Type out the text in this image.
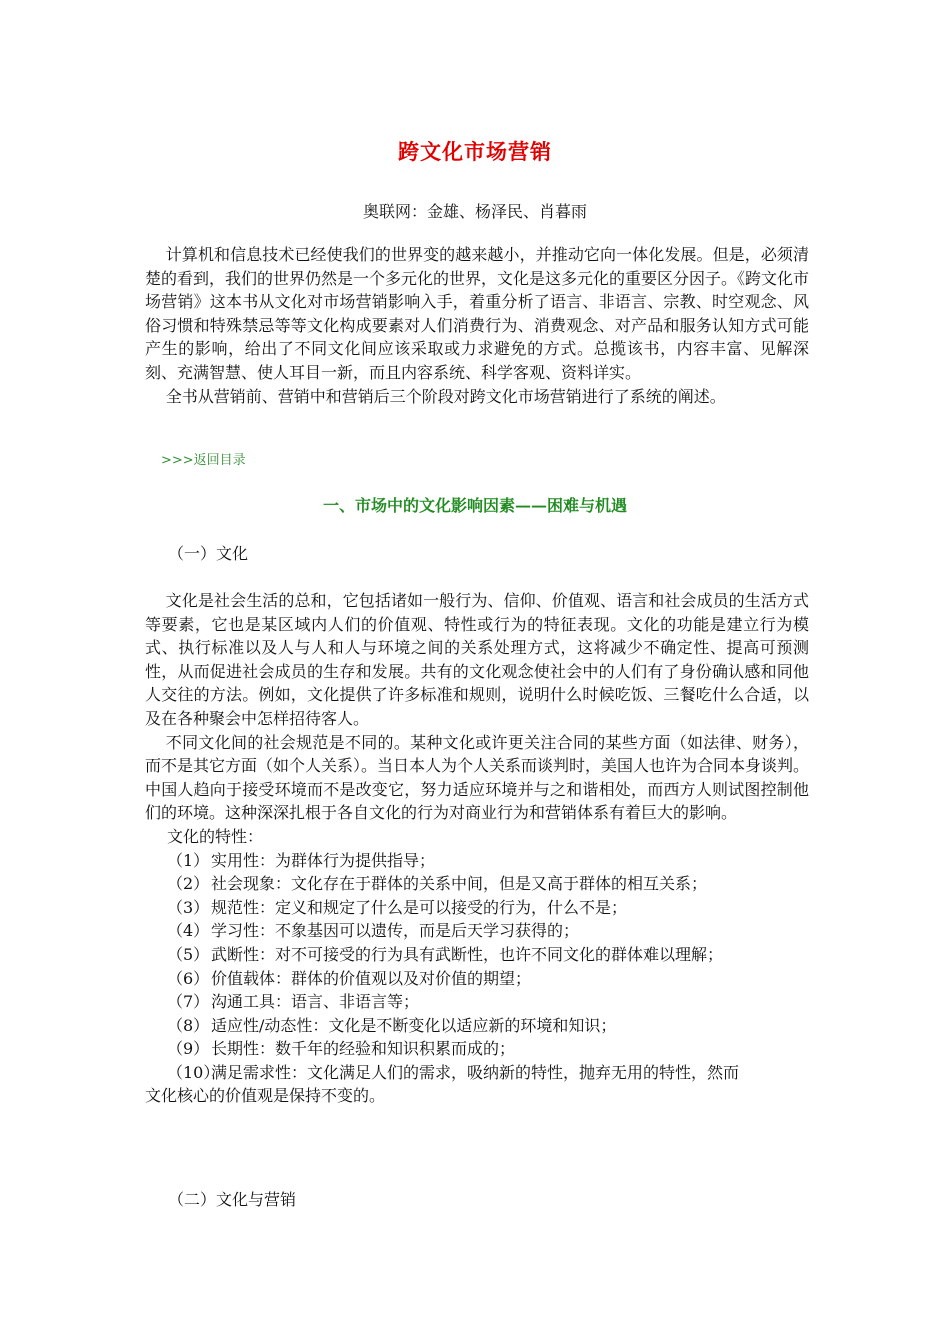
跨文化市场营销
奥联网：金雄、杨泽民、肖暮雨

计算机和信息技术已经使我们的世界变的越来越小，并推动它向一体化发展。但是，必须清楚的看到，我们的世界仍然是一个多元化的世界，文化是这多元化的重要区分因子。《跨文化市场营销》这本书从文化对市场营销影响入手，着重分析了语言、非语言、宗教、时空观念、风俗习惯和特殊禁忌等等文化构成要素对人们消费行为、消费观念、对产品和服务认知方式可能产生的影响，给出了不同文化间应该采取或力求避免的方式。总揽该书，内容丰富、见解深刻、充满智慧、使人耳目一新，而且内容系统、科学客观、资料详实。

全书从营销前、营销中和营销后三个阶段对跨文化市场营销进行了系统的阐述。

>>>返回目录
一、市场中的文化影响因素——困难与机遇
（一）文化

文化是社会生活的总和，它包括诸如一般行为、信仰、价值观、语言和社会成员的生活方式等要素，它也是某区域内人们的价值观、特性或行为的特征表现。文化的功能是建立行为模式、执行标准以及人与人和人与环境之间的关系处理方式，这将减少不确定性、提高可预测性，从而促进社会成员的生存和发展。共有的文化观念使社会中的人们有了身份确认感和同他人交往的方法。例如，文化提供了许多标准和规则，说明什么时候吃饭、三餐吃什么合适，以及在各种聚会中怎样招待客人。

不同文化间的社会规范是不同的。某种文化或许更关注合同的某些方面（如法律、财务），而不是其它方面（如个人关系）。当日本人为个人关系而谈判时，美国人也许为合同本身谈判。中国人趋向于接受环境而不是改变它，努力适应环境并与之和谐相处，而西方人则试图控制他们的环境。这种深深扎根于各自文化的行为对商业行为和营销体系有着巨大的影响。

文化的特性：

（1） 实用性：为群体行为提供指导；
（2） 社会现象：文化存在于群体的关系中间，但是又高于群体的相互关系；
（3） 规范性：定义和规定了什么是可以接受的行为，什么不是；
（4） 学习性：不象基因可以遗传，而是后天学习获得的；
（5） 武断性：对不可接受的行为具有武断性，也许不同文化的群体难以理解；
（6） 价值载体：群体的价值观以及对价值的期望；
（7） 沟通工具：语言、非语言等；
（8） 适应性/动态性：文化是不断变化以适应新的环境和知识；
（9） 长期性：数千年的经验和知识积累而成的；
（10）满足需求性：文化满足人们的需求，吸纳新的特性，抛弃无用的特性，然而
文化核心的价值观是保持不变的。
（二）文化与营销
